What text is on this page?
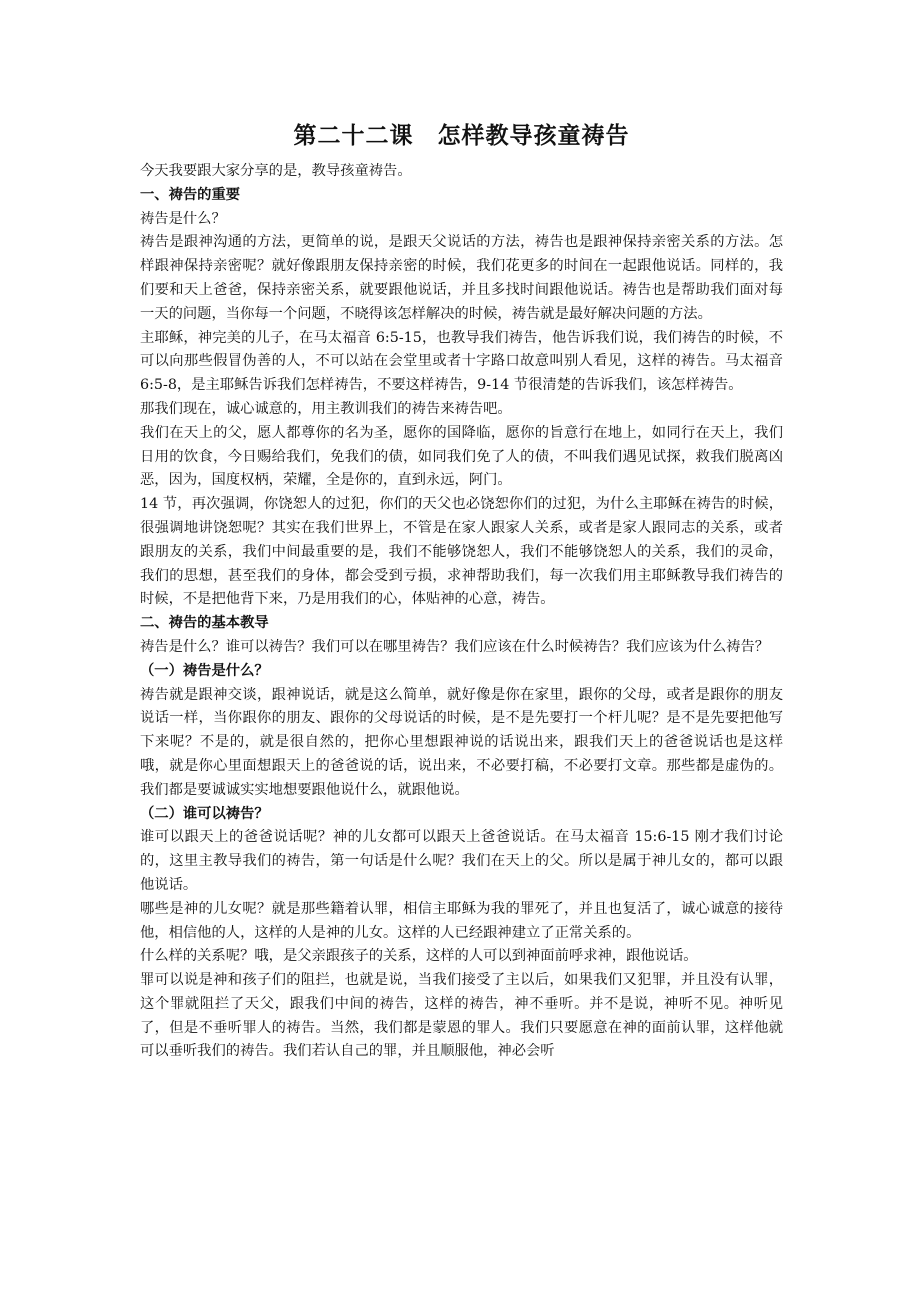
第二十二课　怎样教导孩童祷告

今天我要跟大家分享的是，教导孩童祷告。

一、祷告的重要

祷告是什么？

祷告是跟神沟通的方法，更简单的说，是跟天父说话的方法，祷告也是跟神保持亲密关系的方法。怎样跟神保持亲密呢？就好像跟朋友保持亲密的时候，我们花更多的时间在一起跟他说话。同样的，我们要和天上爸爸，保持亲密关系，就要跟他说话，并且多找时间跟他说话。祷告也是帮助我们面对每一天的问题，当你每一个问题，不晓得该怎样解决的时候，祷告就是最好解决问题的方法。

主耶稣，神完美的儿子，在马太福音 6:5-15，也教导我们祷告，他告诉我们说，我们祷告的时候，不可以向那些假冒伪善的人，不可以站在会堂里或者十字路口故意叫别人看见，这样的祷告。马太福音 6:5-8，是主耶稣告诉我们怎样祷告，不要这样祷告，9-14 节很清楚的告诉我们，该怎样祷告。

那我们现在，诚心诚意的，用主教训我们的祷告来祷告吧。

我们在天上的父，愿人都尊你的名为圣，愿你的国降临，愿你的旨意行在地上，如同行在天上，我们日用的饮食，今日赐给我们，免我们的债，如同我们免了人的债，不叫我们遇见试探，救我们脱离凶恶，因为，国度权柄，荣耀，全是你的，直到永远，阿门。

14 节，再次强调，你饶恕人的过犯，你们的天父也必饶恕你们的过犯，为什么主耶稣在祷告的时候，很强调地讲饶恕呢？其实在我们世界上，不管是在家人跟家人关系，或者是家人跟同志的关系，或者跟朋友的关系，我们中间最重要的是，我们不能够饶恕人，我们不能够饶恕人的关系，我们的灵命，我们的思想，甚至我们的身体，都会受到亏损，求神帮助我们，每一次我们用主耶稣教导我们祷告的时候，不是把他背下来，乃是用我们的心，体贴神的心意，祷告。

二、祷告的基本教导

祷告是什么？谁可以祷告？我们可以在哪里祷告？我们应该在什么时候祷告？我们应该为什么祷告？

（一）祷告是什么？

祷告就是跟神交谈，跟神说话，就是这么简单，就好像是你在家里，跟你的父母，或者是跟你的朋友说话一样，当你跟你的朋友、跟你的父母说话的时候，是不是先要打一个杆儿呢？是不是先要把他写下来呢？不是的，就是很自然的，把你心里想跟神说的话说出来，跟我们天上的爸爸说话也是这样哦，就是你心里面想跟天上的爸爸说的话，说出来，不必要打稿，不必要打文章。那些都是虚伪的。我们都是要诚诚实实地想要跟他说什么，就跟他说。

（二）谁可以祷告？

谁可以跟天上的爸爸说话呢？神的儿女都可以跟天上爸爸说话。在马太福音 15:6-15 刚才我们讨论的，这里主教导我们的祷告，第一句话是什么呢？我们在天上的父。所以是属于神儿女的，都可以跟他说话。

哪些是神的儿女呢？就是那些籍着认罪，相信主耶稣为我的罪死了，并且也复活了，诚心诚意的接待他，相信他的人，这样的人是神的儿女。这样的人已经跟神建立了正常关系的。

什么样的关系呢？哦，是父亲跟孩子的关系，这样的人可以到神面前呼求神，跟他说话。

罪可以说是神和孩子们的阻拦，也就是说，当我们接受了主以后，如果我们又犯罪，并且没有认罪，这个罪就阻拦了天父，跟我们中间的祷告，这样的祷告，神不垂听。并不是说，神听不见。神听见了，但是不垂听罪人的祷告。当然，我们都是蒙恩的罪人。我们只要愿意在神的面前认罪，这样他就可以垂听我们的祷告。我们若认自己的罪，并且顺服他，神必会听
